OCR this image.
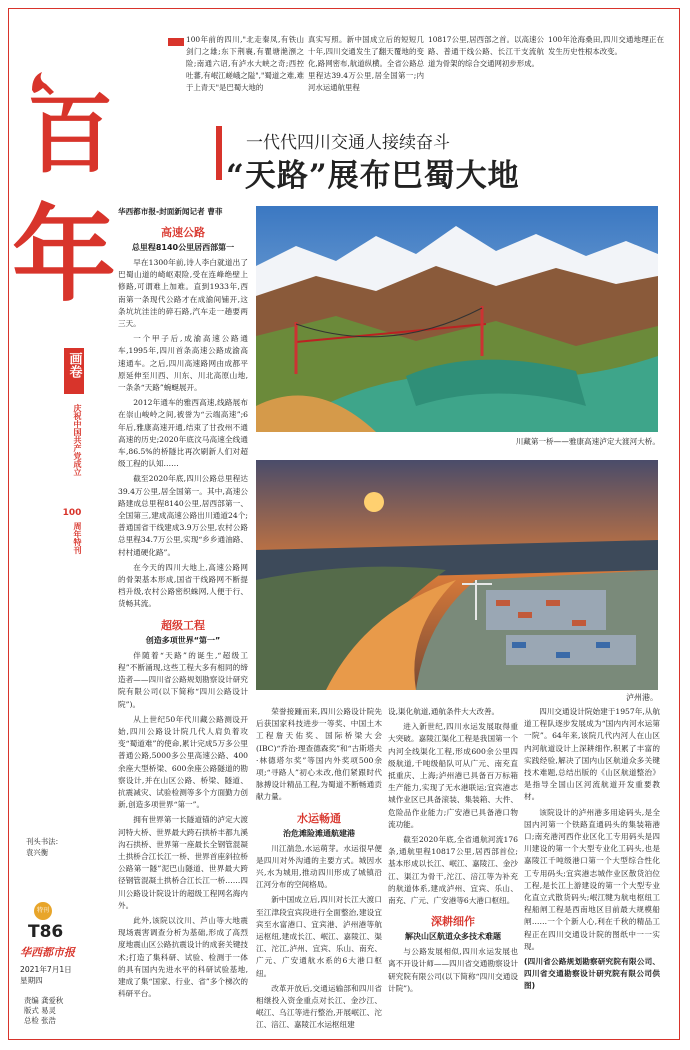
百
年
画卷
庆祝中国共产党成立
100
周年特刊
100年前的四川,"北走秦凤,有铁山剑门之雄;东下荆襄,有瞿塘滟滪之险;南通六诏,有泸水大峡之奇;西控吐蕃,有岷江嵯峨之隘","蜀道之难,难于上青天"是巴蜀大地的
真实写照。新中国成立后的短短几十年,四川交通发生了翻天覆地的变化,路网密布,航道纵横。全省公路总里程达39.4万公里,居全国第一;内河水运通航里程
10817公里,居西部之首。以高速公路、普通干线公路、长江干支流航道为骨架的综合交通网初步形成。
100年沧海桑田,四川交通地理正在发生历史性根本改变。
一代代四川交通人接续奋斗
“天路”展布巴蜀大地
华西都市报-封面新闻记者 曹菲
高速公路
总里程8140公里居西部第一

早在1300年前,诗人李白就道出了巴蜀山道的崎岖艰险,受在连峰绝壁上修路,可谓难上加难。直到1933年,西南第一条现代公路才在成渝间铺开,这条坑坑洼洼的碎石路,汽车走一趟要两三天。

一个甲子后,成渝高速公路通车,1995年,四川首条高速公路成渝高速通车。之后,四川高速路网由成都平原延伸至川西、川东、川北高原山地,一条条“天路”蜿蜒展开。

2012年通车的雅西高速,线路展布在崇山峻岭之间,被誉为“云端高速”;6年后,雅康高速开通,结束了甘孜州不通高速的历史;2020年底汶马高速全线通车,86.5%的桥隧比再次刷新人们对超级工程的认知……

截至2020年底,四川公路总里程达39.4万公里,居全国第一。其中,高速公路建成总里程8140公里,居西部第一、全国第三,建成高速公路出川通道24个;普通国省干线建成3.9万公里,农村公路总里程34.7万公里,实现“乡乡通油路、村村通硬化路”。

在今天的四川大地上,高速公路网的骨架基本形成,国省干线路网不断提档升级,农村公路密织蛛网,人便于行、货畅其流。

超级工程
创造多项世界“第一”

伴随着“天路”的诞生,“超级工程”不断涌现,这些工程大多有相同的缔造者——四川省公路规划勘察设计研究院有限公司(以下简称“四川公路设计院”)。

从上世纪50年代川藏公路测设开始,四川公路设计院几代人肩负着攻变“蜀道难”的使命,累计完成5万多公里普通公路,5000多公里高速公路、400余座大型桥梁、600余座公路隧道的勘察设计,并在山区公路、桥梁、隧道、抗震减灾、试验检测等多个方面勤力创新,创造多项世界“第一”。

拥有世界第一长隧道锚的泸定大渡河特大桥、世界最大跨石拱桥丰都九溪沟石拱桥、世界第一座最长全钢管混凝土拱桥合江长江一桥、世界首座斜拉桥公路第一隧”泥巴山隧道、世界最大跨径钢管混凝土拱桥合江长江一桥……四川公路设计院设计的超级工程网名海内外。

此外,该院以汶川、芦山等大地震现场震害调查分析为基础,形成了高烈度地震山区公路抗震设计的成套关键技术;打造了集科研、试验、检测于一体的具有国内先进水平的科研试验基地,建成了集“国家、行业、省”多个梯次的科研平台。

川藏第一桥——雅康高速泸定大渡河大桥。
泸州港。

荣誉接踵而来,四川公路设计院先后获国家科技进步一等奖、中国土木工程詹天佑奖、国际桥梁大会(IBC)“乔治·理查德森奖”和“古斯塔夫·林德塔尔奖”等国内外奖项500余项;“寻路人”初心未改,他们紧跟时代脉搏设计精品工程,为蜀道不断畅通贡献力量。

水运畅通
治危滩险滩通航建港

川江湍急,水运萌芽。水运很早便是四川对外沟通的主要方式。城因水兴,水为城用,推动四川形成了城镇沿江河分布的空间格局。

新中国成立后,四川对长江大渡口至江津段宜宾段进行全面整治,建设宜宾至水富港口、宜宾港、泸州港等航运枢纽,建成长江、岷江、嘉陵江、渠江、沱江,泸州、宜宾、乐山、南充、广元、广安通航水系的6大港口枢纽。

改革开放后,交通运输部和四川省相继投入资金重点对长江、金沙江、岷江、乌江等进行整治,开展岷江、沱江、涪江、嘉陵江水运枢纽建

设,渠化航道,通航条件大大改善。

进入新世纪,四川水运发展取得重大突破。嘉陵江渠化工程是我国第一个内河全线渠化工程,形成600余公里四级航道,千吨级船队可从广元、南充直抵重庆、上海;泸州港已具备百万标箱生产能力,实现了无水港联运;宜宾港志城作业区已具备滚装、集装箱、大件、危险品作业能力;广安港已具备港口物流功能。

截至2020年底,全省通航河流176条,通航里程10817公里,居西部首位;基本形成以长江、岷江、嘉陵江、金沙江、渠江为骨干,沱江、涪江等为补充的航道体系,建成泸州、宜宾、乐山、南充、广元、广安港等6大港口枢纽。

深耕细作
解决山区航道众多技术难题

与公路发展相似,四川水运发展也离不开设计师——四川省交通勘察设计研究院有限公司(以下简称“四川交通设计院”)。

四川交通设计院始建于1957年,从航道工程队逐步发展成为“国内内河水运第一院”。64年来,该院几代内河人在山区内河航道设计上深耕细作,积累了丰富的实践经验,解决了国内山区航道众多关键技术难题,总结出版的《山区航道整治》是指导全国山区河流航道开发重要教材。

该院设计的泸州港多用途码头,是全国内河第一个铁路直通码头的集装箱港口;南充港河西作业区化工专用码头是四川建设的第一个大型专业化工码头,也是嘉陵江千吨级港口第一个大型综合性化工专用码头;宜宾港志城作业区散货泊位工程,是长江上游建设的第一个大型专业化直立式散货码头;岷江犍为航电枢纽工程船闸工程是西南地区目前最大规模船闸……一个个新人心,利在千秋的精品工程正在四川交通设计院的图纸中一一实现。

(四川省公路规划勘察研究院有限公司、四川省交通勘察设计研究院有限公司供图)
刊头书法:
袁兴衡
特刊
T86
华西都市报
2021年7月1日
星期四
责编 龚爱秋
版式 易灵
总检 张浩
